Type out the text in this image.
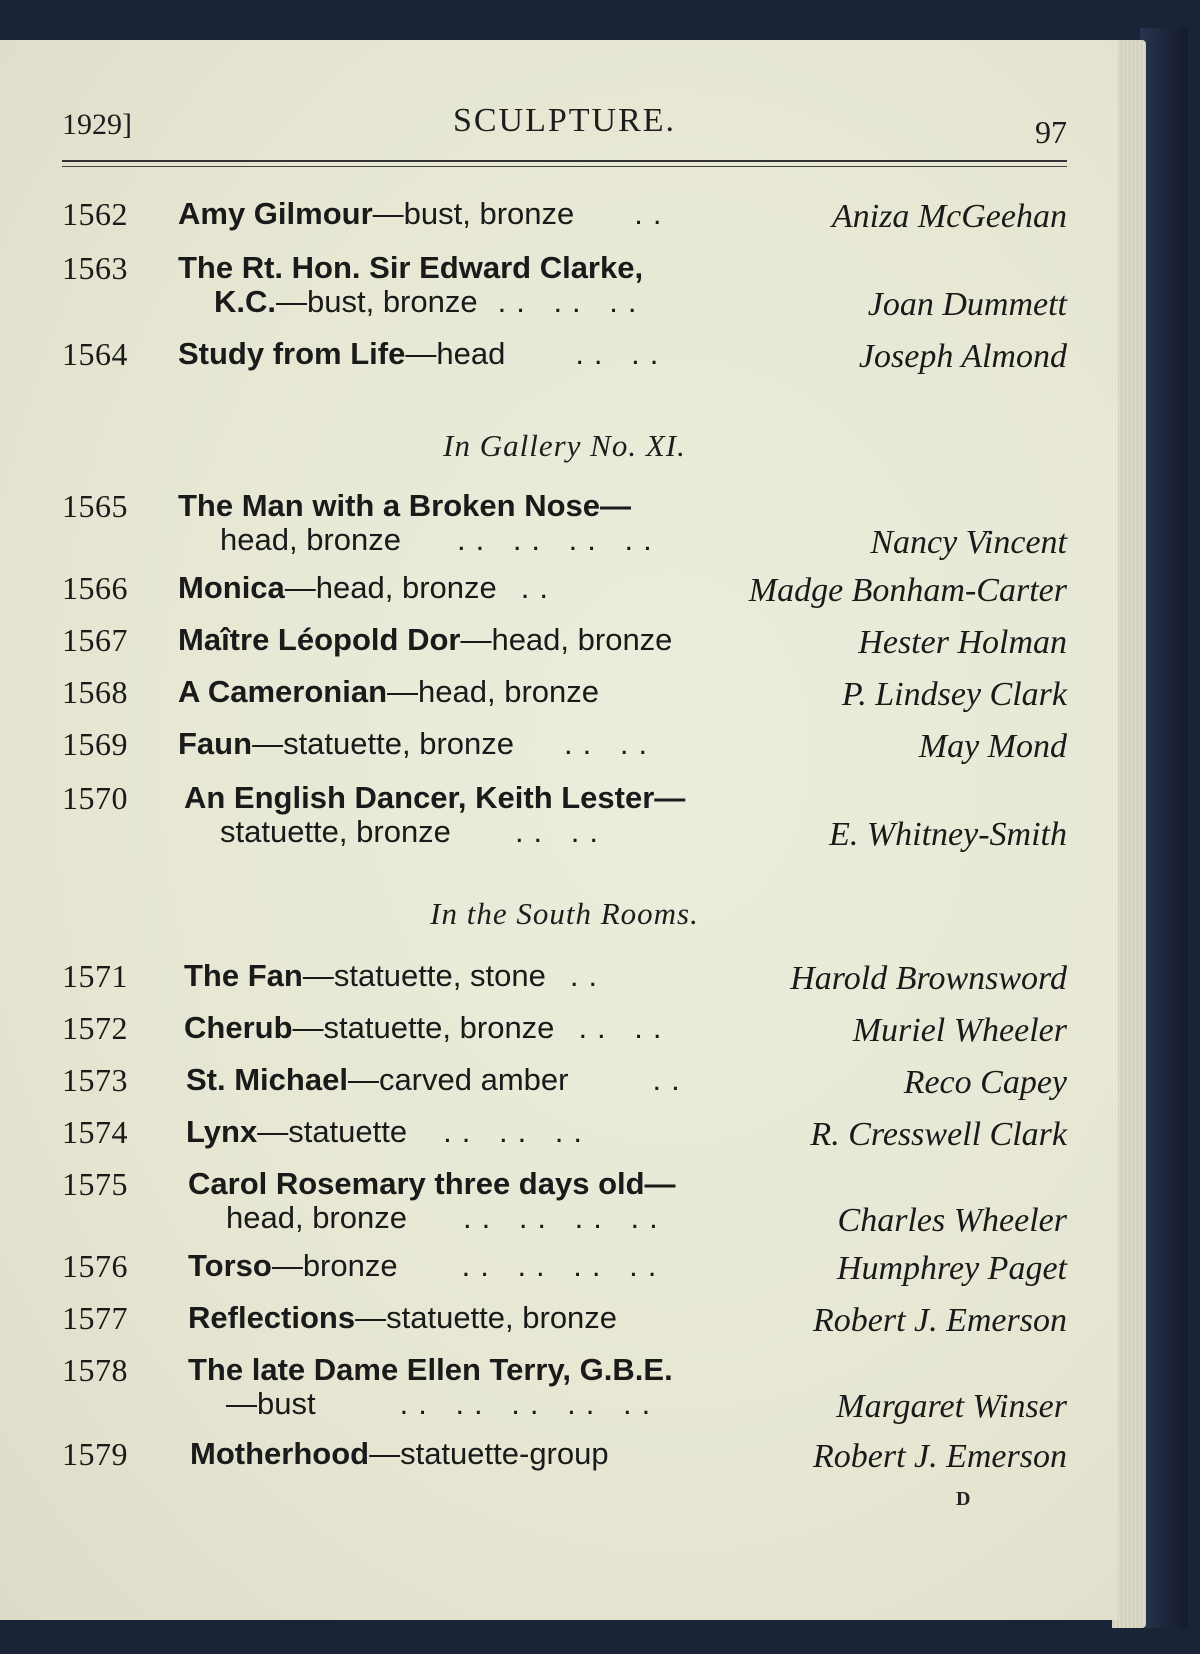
1929]	SCULPTURE.	97
1562	Amy Gilmour—bust, bronze ..	Aniza McGeehan
1563	The Rt. Hon. Sir Edward Clarke,
K.C.—bust, bronze .. .. ..	Joan Dummett
1564	Study from Life—head .. ..	Joseph Almond
In Gallery No. XI.
1565	The Man with a Broken Nose—
head, bronze .. .. .. ..	Nancy Vincent
1566	Monica—head, bronze ..	Madge Bonham-Carter
1567	Maître Léopold Dor—head, bronze	Hester Holman
1568	A Cameronian—head, bronze	P. Lindsey Clark
1569	Faun—statuette, bronze .. ..	May Mond
1570	An English Dancer, Keith Lester—
statuette, bronze .. ..	E. Whitney-Smith
In the South Rooms.
1571	The Fan—statuette, stone ..	Harold Brownsword
1572	Cherub—statuette, bronze .. ..	Muriel Wheeler
1573	St. Michael—carved amber	..	Reco Capey
1574	Lynx—statuette .. .. ..	R. Cresswell Clark
1575	Carol Rosemary three days old—
head, bronze .. .. .. ..	Charles Wheeler
1576	Torso—bronze .. .. .. ..	Humphrey Paget
1577	Reflections—statuette, bronze	Robert J. Emerson
1578	The late Dame Ellen Terry, G.B.E.
—bust	.. .. .. .. ..	Margaret Winser
1579	Motherhood—statuette-group	Robert J. Emerson
D
